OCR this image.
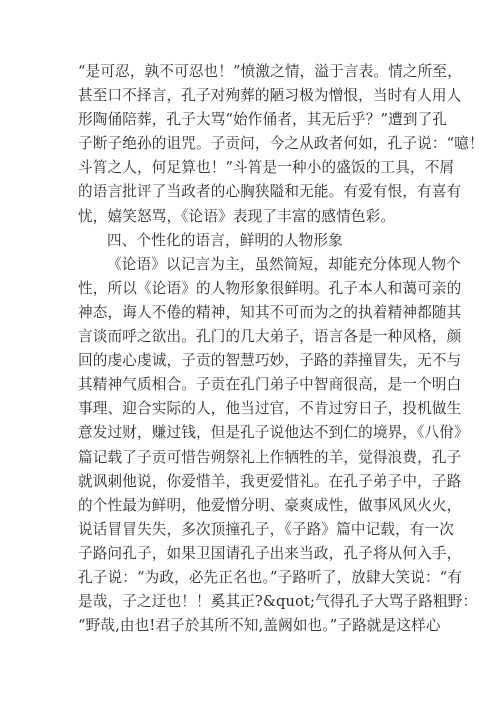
“是可忍，孰不可忍也！”愤激之情，溢于言表。情之所至，
甚至口不择言，孔子对殉葬的陋习极为憎恨，当时有人用人
形陶俑陪葬，孔子大骂“始作俑者，其无后乎？”遭到了孔
子断子绝孙的诅咒。子贡问，今之从政者何如，孔子说：“噫！
斗筲之人，何足算也！”斗筲是一种小的盛饭的工具，不屑
的语言批评了当政者的心胸狭隘和无能。有爱有恨，有喜有
忧，嬉笑怒骂，《论语》表现了丰富的感情色彩。
四、个性化的语言，鲜明的人物形象
《论语》以记言为主，虽然简短，却能充分体现人物个
性，所以《论语》的人物形象很鲜明。孔子本人和蔼可亲的
神态，诲人不倦的精神，知其不可而为之的执着精神都随其
言谈而呼之欲出。孔门的几大弟子，语言各是一种风格，颜
回的虔心虔诚，子贡的智慧巧妙，子路的莽撞冒失，无不与
其精神气质相合。子贡在孔门弟子中智商很高，是一个明白
事理、迎合实际的人，他当过官，不肯过穷日子，投机做生
意发过财，赚过钱，但是孔子说他达不到仁的境界，《八佾》
篇记载了子贡可惜告朔祭礼上作牺牲的羊，觉得浪费，孔子
就讽刺他说，你爱惜羊，我更爱惜礼。在孔子弟子中，子路
的个性最为鲜明，他爱憎分明、豪爽成性，做事风风火火，
说话冒冒失失，多次顶撞孔子，《子路》篇中记载，有一次
子路问孔子，如果卫国请孔子出来当政，孔子将从何入手，
孔子说：“为政，必先正名也。”子路听了，放肆大笑说：“有
是哉，子之迂也！！奚其正?&quot;气得孔子大骂子路粗野：
“野哉,由也!君子於其所不知,盖阙如也。”子路就是这样心
